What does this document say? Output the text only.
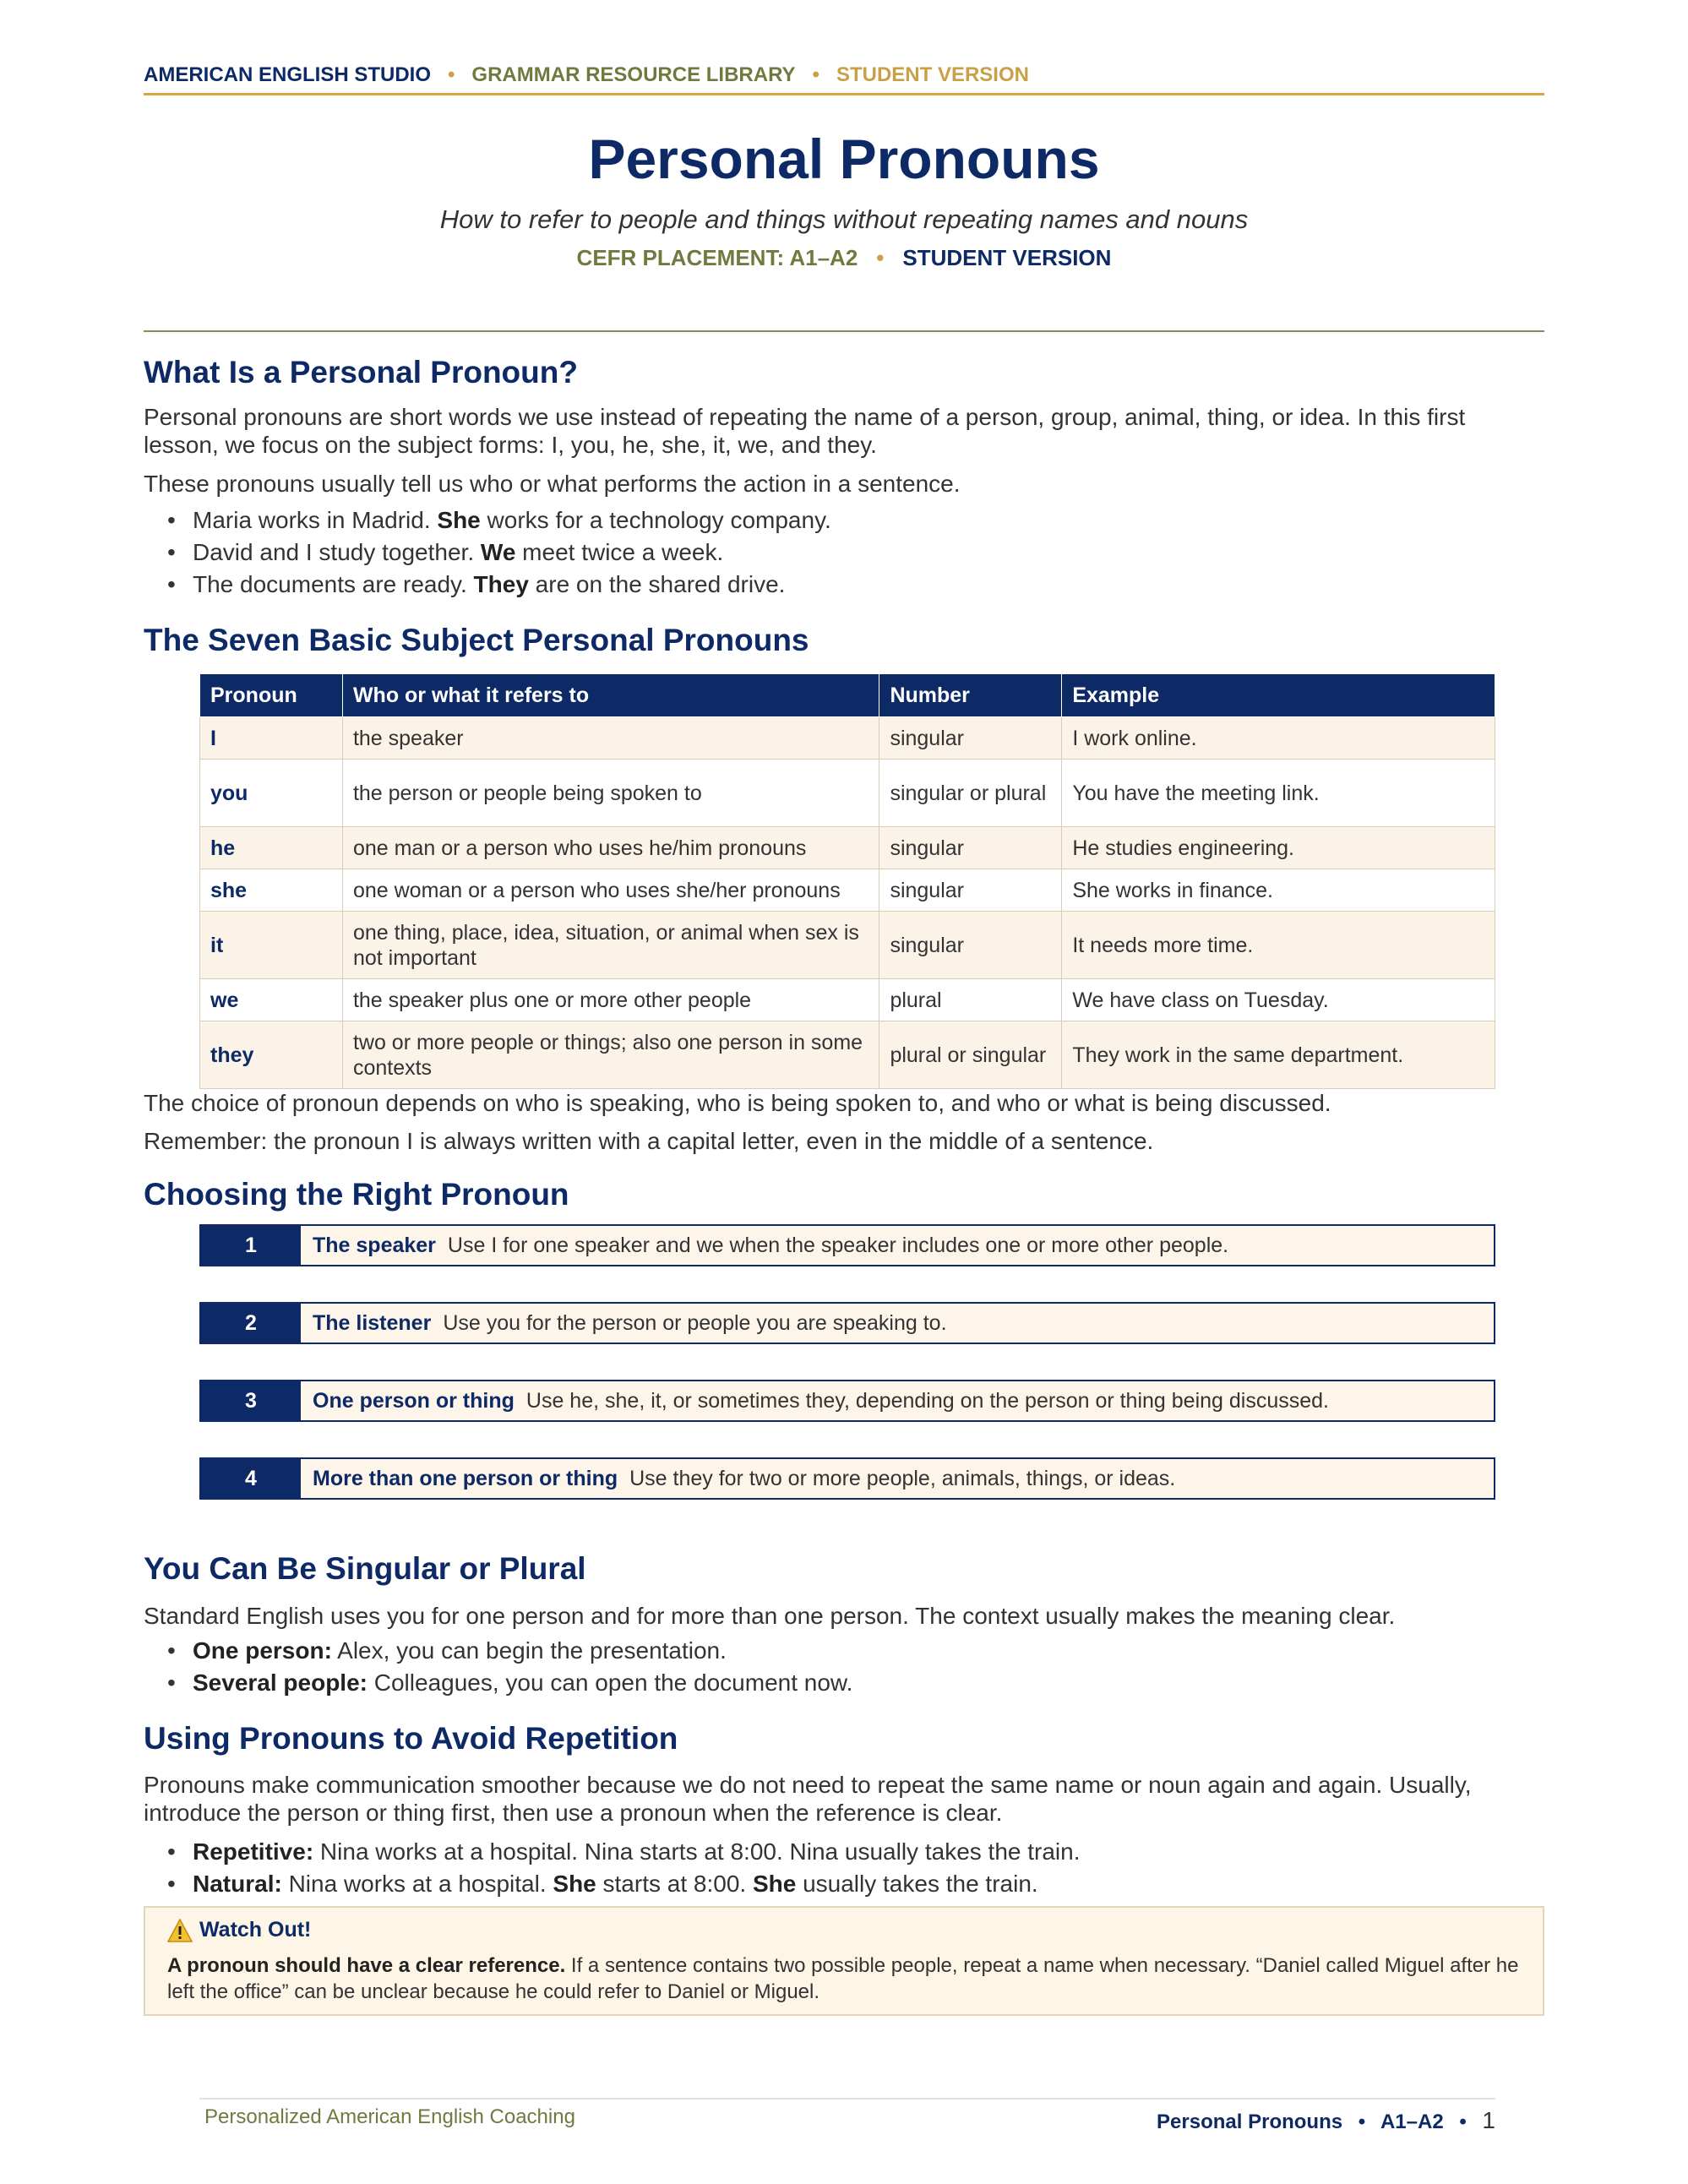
AMERICAN ENGLISH STUDIO • GRAMMAR RESOURCE LIBRARY • STUDENT VERSION
Personal Pronouns
How to refer to people and things without repeating names and nouns
CEFR PLACEMENT: A1–A2 • STUDENT VERSION
What Is a Personal Pronoun?

Personal pronouns are short words we use instead of repeating the name of a person, group, animal, thing, or idea. In this first lesson, we focus on the subject forms: I, you, he, she, it, we, and they.

These pronouns usually tell us who or what performs the action in a sentence.

• Maria works in Madrid. She works for a technology company.
• David and I study together. We meet twice a week.
• The documents are ready. They are on the shared drive.
The Seven Basic Subject Personal Pronouns
Pronoun	Who or what it refers to	Number	Example
I	the speaker	singular	I work online.
you	the person or people being spoken to	singular or plural	You have the meeting link.
he	one man or a person who uses he/him pronouns	singular	He studies engineering.
she	one woman or a person who uses she/her pronouns	singular	She works in finance.
it	one thing, place, idea, situation, or animal when sex is not important	singular	It needs more time.
we	the speaker plus one or more other people	plural	We have class on Tuesday.
they	two or more people or things; also one person in some contexts	plural or singular	They work in the same department.

The choice of pronoun depends on who is speaking, who is being spoken to, and who or what is being discussed.

Remember: the pronoun I is always written with a capital letter, even in the middle of a sentence.

Choosing the Right Pronoun
1	The speaker Use I for one speaker and we when the speaker includes one or more other people.
2	The listener Use you for the person or people you are speaking to.
3	One person or thing Use he, she, it, or sometimes they, depending on the person or thing being discussed.
4	More than one person or thing Use they for two or more people, animals, things, or ideas.
You Can Be Singular or Plural

Standard English uses you for one person and for more than one person. The context usually makes the meaning clear.

• One person: Alex, you can begin the presentation.
• Several people: Colleagues, you can open the document now.
Using Pronouns to Avoid Repetition

Pronouns make communication smoother because we do not need to repeat the same name or noun again and again. Usually, introduce the person or thing first, then use a pronoun when the reference is clear.

• Repetitive: Nina works at a hospital. Nina starts at 8:00. Nina usually takes the train.
• Natural: Nina works at a hospital. She starts at 8:00. She usually takes the train.
Watch Out!
A pronoun should have a clear reference. If a sentence contains two possible people, repeat a name when necessary. “Daniel called Miguel after he left the office” can be unclear because he could refer to Daniel or Miguel.
Personalized American English Coaching	Personal Pronouns • A1–A2 • 1
